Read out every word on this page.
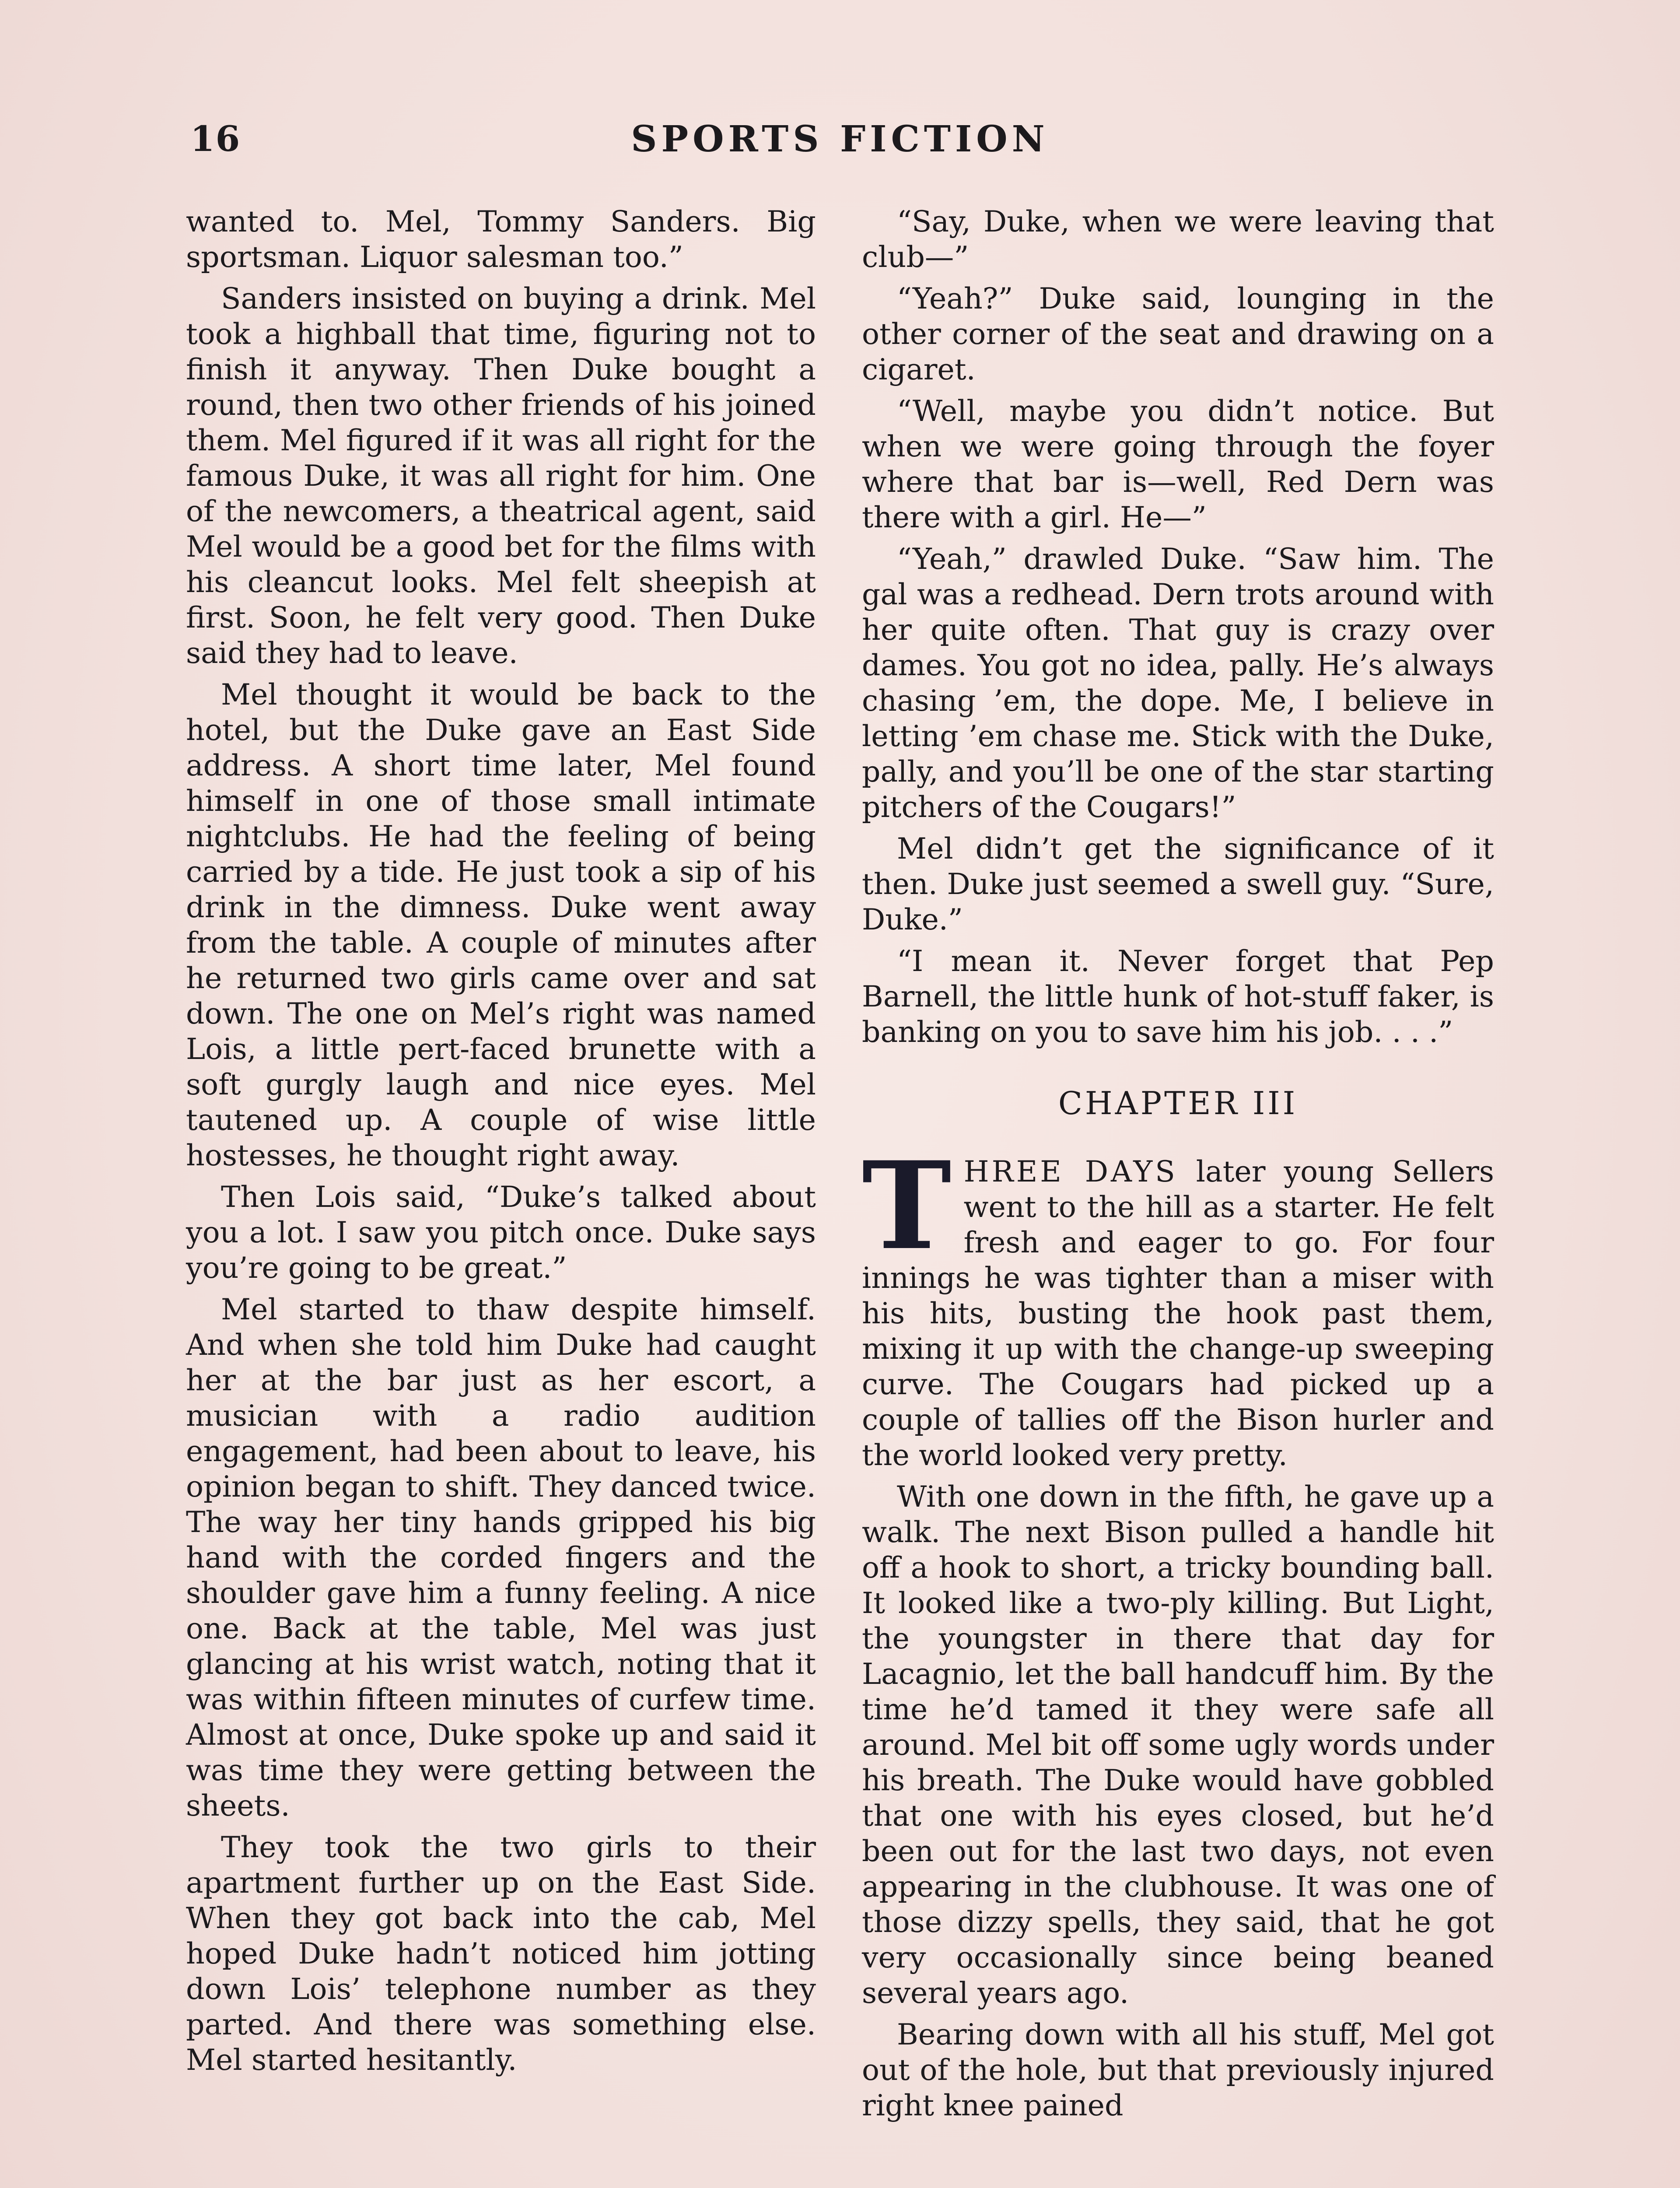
16	SPORTS FICTION

wanted to. Mel, Tommy Sanders. Big sportsman. Liquor salesman too.”

Sanders insisted on buying a drink. Mel took a highball that time, figuring not to finish it anyway. Then Duke bought a round, then two other friends of his joined them. Mel figured if it was all right for the famous Duke, it was all right for him. One of the newcomers, a theatrical agent, said Mel would be a good bet for the films with his cleancut looks. Mel felt sheepish at first. Soon, he felt very good. Then Duke said they had to leave.

Mel thought it would be back to the hotel, but the Duke gave an East Side address. A short time later, Mel found himself in one of those small intimate nightclubs. He had the feeling of being carried by a tide. He just took a sip of his drink in the dimness. Duke went away from the table. A couple of minutes after he returned two girls came over and sat down. The one on Mel’s right was named Lois, a little pert-faced brunette with a soft gurgly laugh and nice eyes. Mel tautened up. A couple of wise little hostesses, he thought right away.

Then Lois said, “Duke’s talked about you a lot. I saw you pitch once. Duke says you’re going to be great.”

Mel started to thaw despite himself. And when she told him Duke had caught her at the bar just as her escort, a musician with a radio audition engagement, had been about to leave, his opinion began to shift. They danced twice. The way her tiny hands gripped his big hand with the corded fingers and the shoulder gave him a funny feeling. A nice one. Back at the table, Mel was just glancing at his wrist watch, noting that it was within fifteen minutes of curfew time. Almost at once, Duke spoke up and said it was time they were getting between the sheets.

They took the two girls to their apartment further up on the East Side. When they got back into the cab, Mel hoped Duke hadn’t noticed him jotting down Lois’ telephone number as they parted. And there was something else. Mel started hesitantly.

“Say, Duke, when we were leaving that club—”

“Yeah?” Duke said, lounging in the other corner of the seat and drawing on a cigaret.

“Well, maybe you didn’t notice. But when we were going through the foyer where that bar is—well, Red Dern was there with a girl. He—”

“Yeah,” drawled Duke. “Saw him. The gal was a redhead. Dern trots around with her quite often. That guy is crazy over dames. You got no idea, pally. He’s always chasing ’em, the dope. Me, I believe in letting ’em chase me. Stick with the Duke, pally, and you’ll be one of the star starting pitchers of the Cougars!”

Mel didn’t get the significance of it then. Duke just seemed a swell guy. “Sure, Duke.”

“I mean it. Never forget that Pep Barnell, the little hunk of hot-stuff faker, is banking on you to save him his job. . . .”

CHAPTER III

THREE DAYS later young Sellers went to the hill as a starter. He felt fresh and eager to go. For four innings he was tighter than a miser with his hits, busting the hook past them, mixing it up with the change-up sweeping curve. The Cougars had picked up a couple of tallies off the Bison hurler and the world looked very pretty.

With one down in the fifth, he gave up a walk. The next Bison pulled a handle hit off a hook to short, a tricky bounding ball. It looked like a two-ply killing. But Light, the youngster in there that day for Lacagnio, let the ball handcuff him. By the time he’d tamed it they were safe all around. Mel bit off some ugly words under his breath. The Duke would have gobbled that one with his eyes closed, but he’d been out for the last two days, not even appearing in the clubhouse. It was one of those dizzy spells, they said, that he got very occasionally since being beaned several years ago.

Bearing down with all his stuff, Mel got out of the hole, but that previously injured right knee pained
